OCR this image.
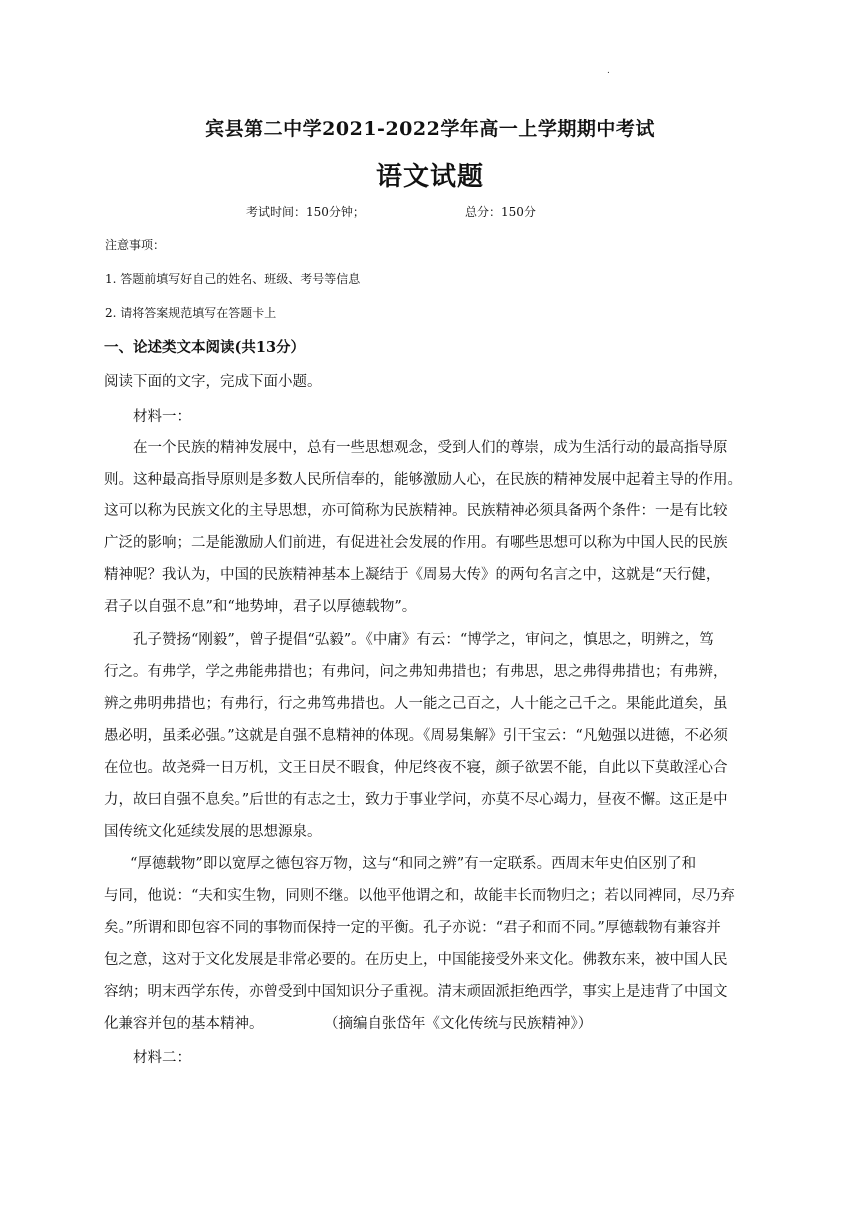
.
宾县第二中学2021-2022学年高一上学期期中考试
语文试题
考试时间：150分钟；	总分：150分
注意事项：
1. 答题前填写好自己的姓名、班级、考号等信息
2. 请将答案规范填写在答题卡上
一、论述类文本阅读(共13分）
阅读下面的文字，完成下面小题。
材料一：
在一个民族的精神发展中，总有一些思想观念，受到人们的尊崇，成为生活行动的最高指导原
则。这种最高指导原则是多数人民所信奉的，能够激励人心，在民族的精神发展中起着主导的作用。
这可以称为民族文化的主导思想，亦可简称为民族精神。民族精神必须具备两个条件：一是有比较
广泛的影响；二是能激励人们前进，有促进社会发展的作用。有哪些思想可以称为中国人民的民族
精神呢？我认为，中国的民族精神基本上凝结于《周易大传》的两句名言之中，这就是“天行健，
君子以自强不息”和“地势坤，君子以厚德载物”。
孔子赞扬“刚毅”，曾子提倡“弘毅”。《中庸》有云：“博学之，审问之，慎思之，明辨之，笃
行之。有弗学，学之弗能弗措也；有弗问，问之弗知弗措也；有弗思，思之弗得弗措也；有弗辨，
辨之弗明弗措也；有弗行，行之弗笃弗措也。人一能之己百之，人十能之己千之。果能此道矣，虽
愚必明，虽柔必强。”这就是自强不息精神的体现。《周易集解》引干宝云：“凡勉强以进德，不必须
在位也。故尧舜一日万机，文王日昃不暇食，仲尼终夜不寝，颜子欲罢不能，自此以下莫敢淫心合
力，故曰自强不息矣。”后世的有志之士，致力于事业学问，亦莫不尽心竭力，昼夜不懈。这正是中
国传统文化延续发展的思想源泉。
“厚德载物”即以宽厚之德包容万物，这与“和同之辨”有一定联系。西周末年史伯区别了和
与同，他说：“夫和实生物，同则不继。以他平他谓之和，故能丰长而物归之；若以同裨同，尽乃弃
矣。”所谓和即包容不同的事物而保持一定的平衡。孔子亦说：“君子和而不同。”厚德载物有兼容并
包之意，这对于文化发展是非常必要的。在历史上，中国能接受外来文化。佛教东来，被中国人民
容纳；明末西学东传，亦曾受到中国知识分子重视。清末顽固派拒绝西学，事实上是违背了中国文
化兼容并包的基本精神。	（摘编自张岱年《文化传统与民族精神》）
材料二：
